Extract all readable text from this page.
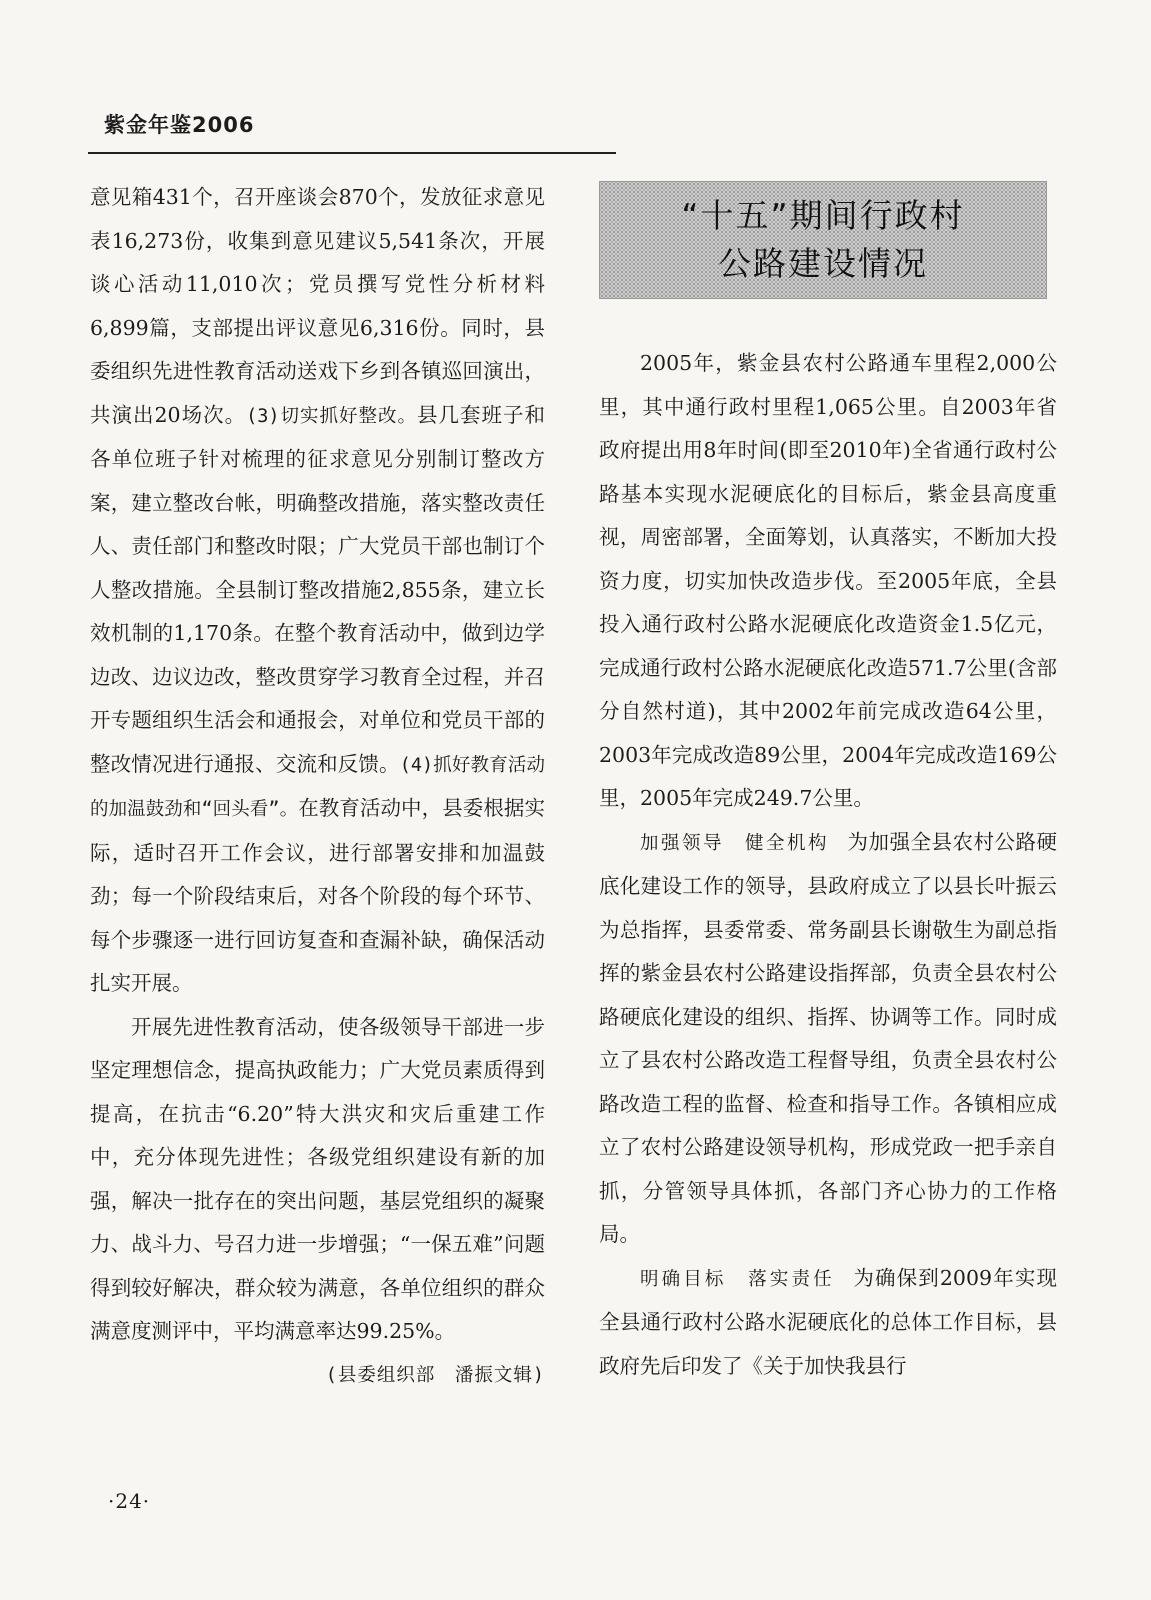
紫金年鉴2006

意见箱431个，召开座谈会870个，发放征求意见表16,273份，收集到意见建议5,541条次，开展谈心活动11,010次；党员撰写党性分析材料6,899篇，支部提出评议意见6,316份。同时，县委组织先进性教育活动送戏下乡到各镇巡回演出，共演出20场次。(3)切实抓好整改。县几套班子和各单位班子针对梳理的征求意见分别制订整改方案，建立整改台帐，明确整改措施，落实整改责任人、责任部门和整改时限；广大党员干部也制订个人整改措施。全县制订整改措施2,855条，建立长效机制的1,170条。在整个教育活动中，做到边学边改、边议边改，整改贯穿学习教育全过程，并召开专题组织生活会和通报会，对单位和党员干部的整改情况进行通报、交流和反馈。(4)抓好教育活动的加温鼓劲和“回头看”。在教育活动中，县委根据实际，适时召开工作会议，进行部署安排和加温鼓劲；每一个阶段结束后，对各个阶段的每个环节、每个步骤逐一进行回访复查和查漏补缺，确保活动扎实开展。

开展先进性教育活动，使各级领导干部进一步坚定理想信念，提高执政能力；广大党员素质得到提高，在抗击“6.20”特大洪灾和灾后重建工作中，充分体现先进性；各级党组织建设有新的加强，解决一批存在的突出问题，基层党组织的凝聚力、战斗力、号召力进一步增强；“一保五难”问题得到较好解决，群众较为满意，各单位组织的群众满意度测评中，平均满意率达99.25%。

(县委组织部　潘振文辑)

“十五”期间行政村
公路建设情况

2005年，紫金县农村公路通车里程2,000公里，其中通行政村里程1,065公里。自2003年省政府提出用8年时间(即至2010年)全省通行政村公路基本实现水泥硬底化的目标后，紫金县高度重视，周密部署，全面筹划，认真落实，不断加大投资力度，切实加快改造步伐。至2005年底，全县投入通行政村公路水泥硬底化改造资金1.5亿元，完成通行政村公路水泥硬底化改造571.7公里(含部分自然村道)，其中2002年前完成改造64公里，2003年完成改造89公里，2004年完成改造169公里，2005年完成249.7公里。

加强领导　健全机构 为加强全县农村公路硬底化建设工作的领导，县政府成立了以县长叶振云为总指挥，县委常委、常务副县长谢敬生为副总指挥的紫金县农村公路建设指挥部，负责全县农村公路硬底化建设的组织、指挥、协调等工作。同时成立了县农村公路改造工程督导组，负责全县农村公路改造工程的监督、检查和指导工作。各镇相应成立了农村公路建设领导机构，形成党政一把手亲自抓，分管领导具体抓，各部门齐心协力的工作格局。

明确目标　落实责任 为确保到2009年实现全县通行政村公路水泥硬底化的总体工作目标，县政府先后印发了《关于加快我县行

·24·
